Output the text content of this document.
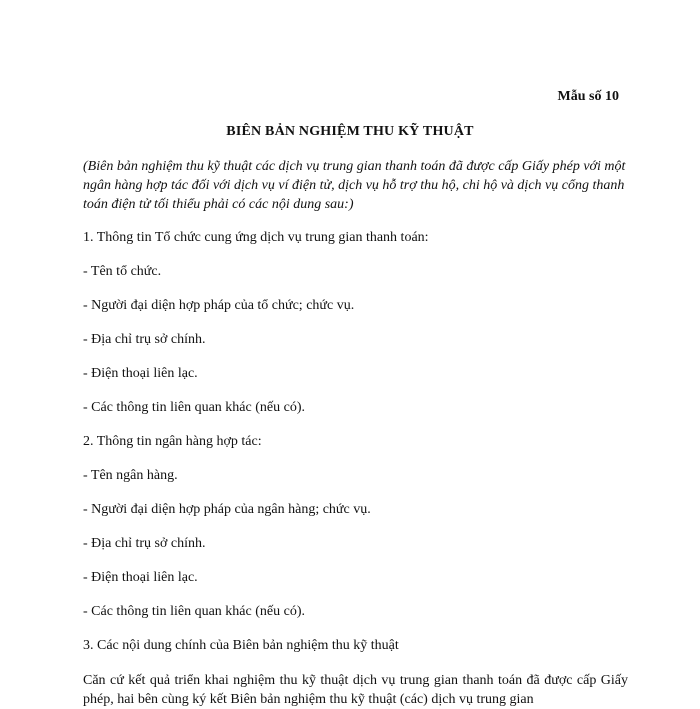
Mẫu số 10
BIÊN BẢN NGHIỆM THU KỸ THUẬT
(Biên bản nghiệm thu kỹ thuật các dịch vụ trung gian thanh toán đã được cấp Giấy phép với một ngân hàng hợp tác đối với dịch vụ ví điện tử, dịch vụ hỗ trợ thu hộ, chi hộ và dịch vụ cổng thanh toán điện tử tối thiểu phải có các nội dung sau:)
1. Thông tin Tổ chức cung ứng dịch vụ trung gian thanh toán:
- Tên tổ chức.
- Người đại diện hợp pháp của tổ chức; chức vụ.
- Địa chỉ trụ sở chính.
- Điện thoại liên lạc.
- Các thông tin liên quan khác (nếu có).
2. Thông tin ngân hàng hợp tác:
- Tên ngân hàng.
- Người đại diện hợp pháp của ngân hàng; chức vụ.
- Địa chỉ trụ sở chính.
- Điện thoại liên lạc.
- Các thông tin liên quan khác (nếu có).
3. Các nội dung chính của Biên bản nghiệm thu kỹ thuật
Căn cứ kết quả triển khai nghiệm thu kỹ thuật dịch vụ trung gian thanh toán đã được cấp Giấy phép, hai bên cùng ký kết Biên bản nghiệm thu kỹ thuật (các) dịch vụ trung gian
